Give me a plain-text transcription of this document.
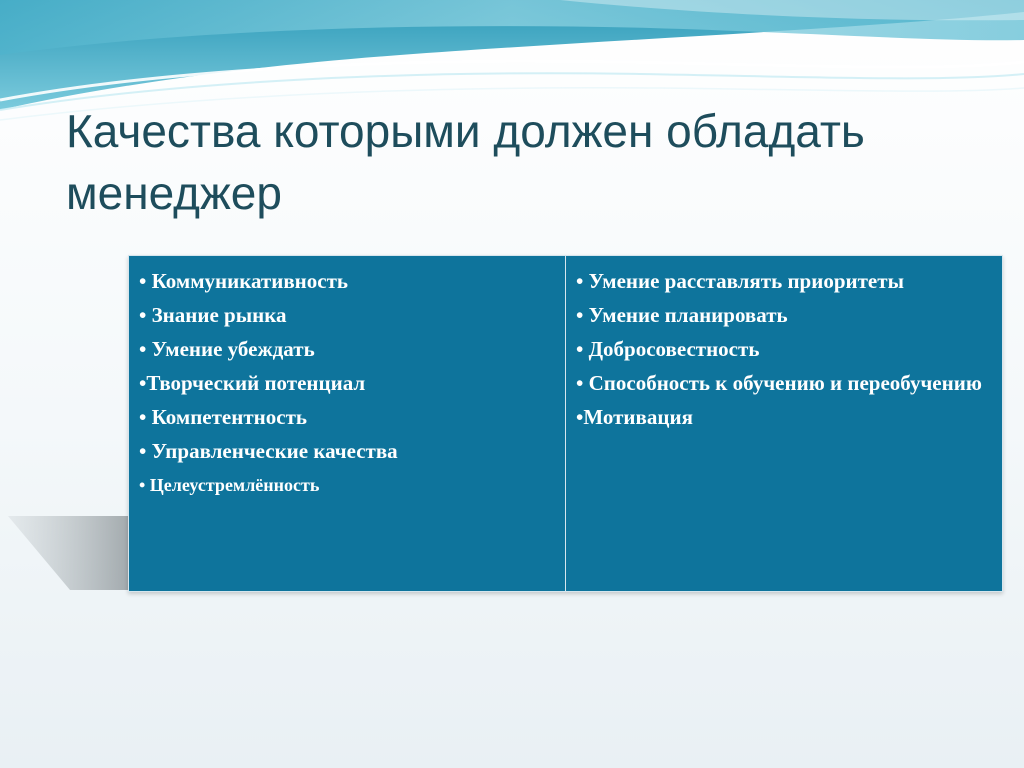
Качества которыми должен обладать менеджер
• Коммуникативность
• Знание рынка
• Умение убеждать
•Творческий потенциал
• Компетентность
• Управленческие качества
• Целеустремлённость

• Умение расставлять приоритеты
• Умение планировать
• Добросовестность
• Способность к обучению и переобучению
•Мотивация
